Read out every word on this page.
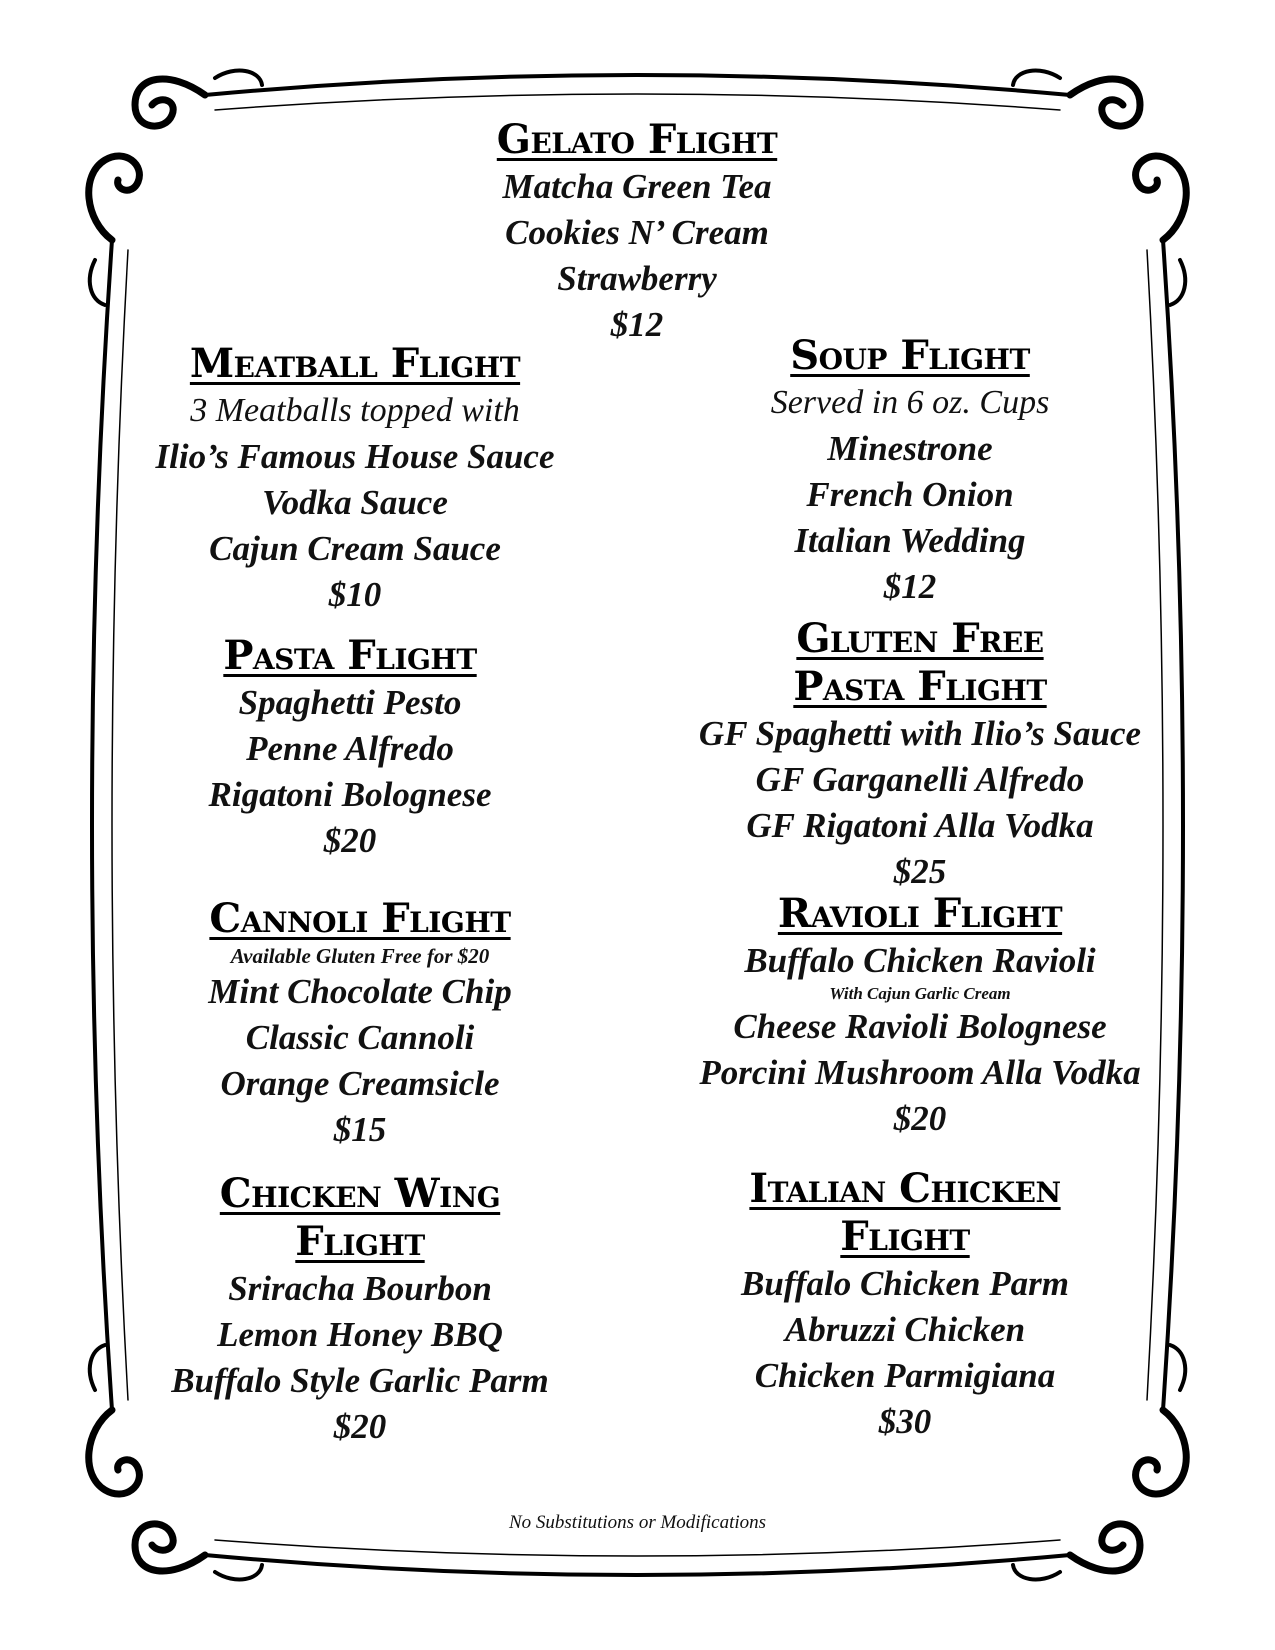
Gelato Flight
Matcha Green Tea
Cookies N’ Cream
Strawberry
$12
Meatball Flight
3 Meatballs topped with
Ilio’s Famous House Sauce
Vodka Sauce
Cajun Cream Sauce
$10
Soup Flight
Served in 6 oz. Cups
Minestrone
French Onion
Italian Wedding
$12
Pasta Flight
Spaghetti Pesto
Penne Alfredo
Rigatoni Bolognese
$20
Gluten Free
Pasta Flight
GF Spaghetti with Ilio’s Sauce
GF Garganelli Alfredo
GF Rigatoni Alla Vodka
$25
Cannoli Flight
Available Gluten Free for $20
Mint Chocolate Chip
Classic Cannoli
Orange Creamsicle
$15
Ravioli Flight
Buffalo Chicken Ravioli
With Cajun Garlic Cream
Cheese Ravioli Bolognese
Porcini Mushroom Alla Vodka
$20
Chicken Wing
Flight
Sriracha Bourbon
Lemon Honey BBQ
Buffalo Style Garlic Parm
$20
Italian Chicken
Flight
Buffalo Chicken Parm
Abruzzi Chicken
Chicken Parmigiana
$30
No Substitutions or Modifications
